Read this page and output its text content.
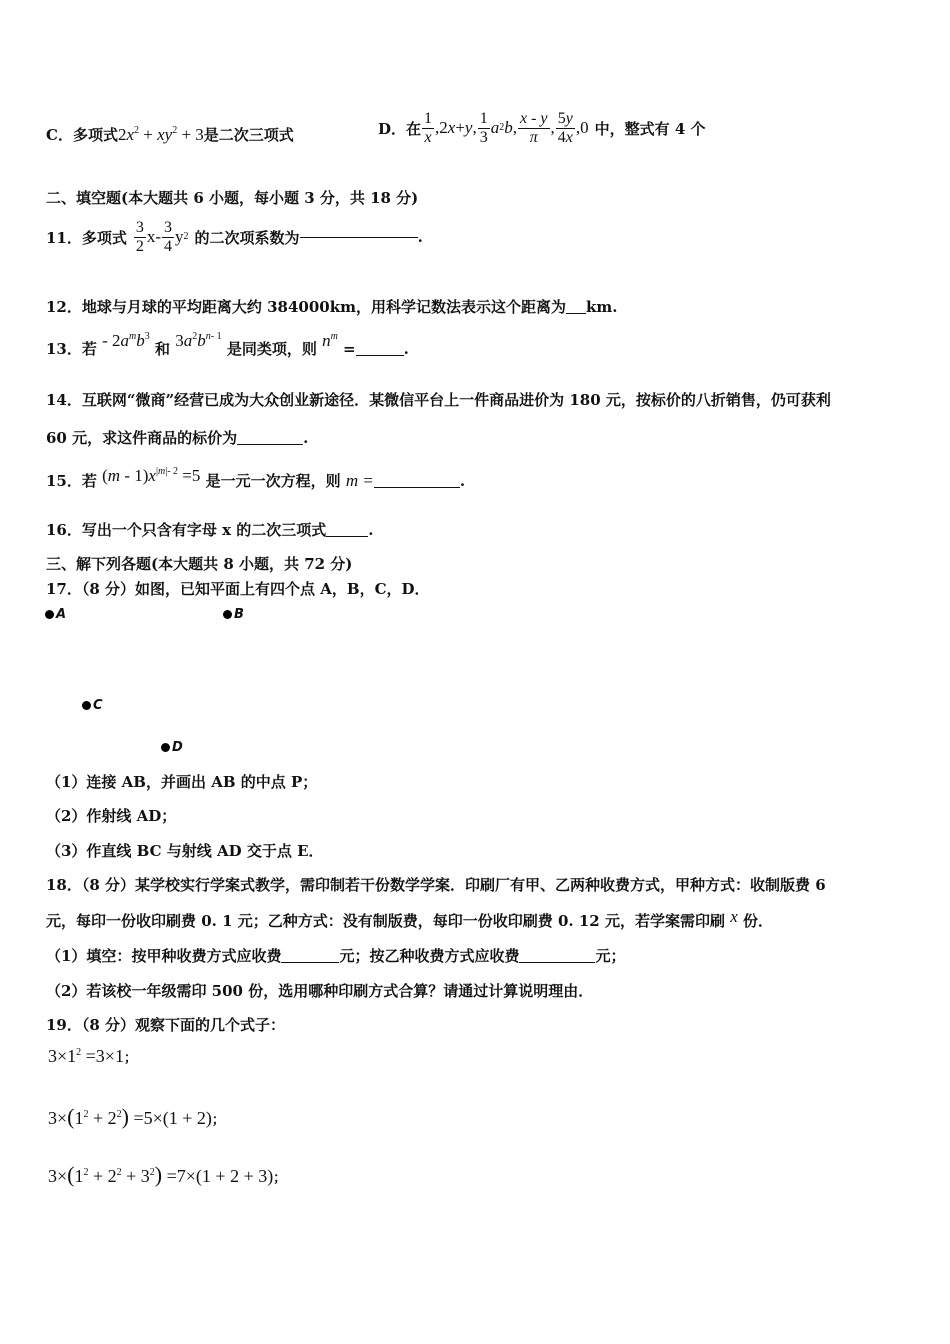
C．多项式$2x^2 + xy^2 + 3$是二次三项式	D．在 $\frac{1}{x} ,2$ x + y , $\frac{1}{3}$ a 2 b , $\frac{x - y}{\pi}$ , $\frac{5y}{4x} ,0$ 中，整式有 4 个
二、填空题(本大题共 6 小题，每小题 3 分，共 18 分)
11．多项式 $\frac{3}{2} x- \frac{3}{4}$ y 2 的二次项系数为	.
12．地球与月球的平均距离大约 384000km，用科学记数法表示这个距离为 km.
13．若 - $2a^mb^3$ 和 $3a^2b^{n- 1}$ 是同类项，则 $n^m$ =	.
14．互联网“微商”经营已成为大众创业新途径．某微信平台上一件商品进价为 180 元，按标价的八折销售，仍可获利
60 元，求这件商品的标价为	.
15．若 $(m - 1)x^{|m|- 2} =5$ 是一元一次方程，则 m =	.
16．写出一个只含有字母 x 的二次三项式	.
三、解下列各题(本大题共 8 小题，共 72 分)
17．（8 分）如图，已知平面上有四个点 A，B，C，D．
A	B
C
D
（1）连接 AB，并画出 AB 的中点 P；
（2）作射线 AD；
（3）作直线 BC 与射线 AD 交于点 E．
18．（8 分）某学校实行学案式教学，需印制若干份数学学案．印刷厂有甲、乙两种收费方式，甲种方式：收制版费 6
元，每印一份收印刷费 0. 1 元；乙种方式：没有制版费，每印一份收印刷费 0. 12 元，若学案需印刷 x 份．
（1）填空：按甲种收费方式应收费	元；按乙种收费方式应收费	元；
（2）若该校一年级需印 500 份，选用哪种印刷方式合算？请通过计算说明理由．
19．（8 分）观察下面的几个式子：
$3\times 1^2 =3\times 1$；
$3\times(1^2 + 2^2) =5\times(1 + 2)$；
$3\times(1^2 + 2^2 + 3^2) =7\times(1 + 2 + 3)$；
